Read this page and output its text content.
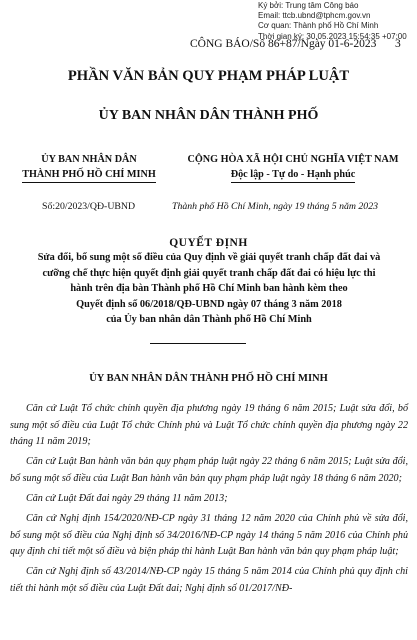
Ký bởi: Trung tâm Công báo
Email: ttcb.ubnd@tphcm.gov.vn
Cơ quan: Thành phố Hồ Chí Minh
Thời gian ký: 30.05.2023 15:54:35 +07:00
CÔNG BÁO/Số 86+87/Ngày 01-6-2023 3
PHẦN VĂN BẢN QUY PHẠM PHÁP LUẬT
ỦY BAN NHÂN DÂN THÀNH PHỐ
ỦY BAN NHÂN DÂN
THÀNH PHỐ HỒ CHÍ MINH
CỘNG HÒA XÃ HỘI CHỦ NGHĨA VIỆT NAM
Độc lập - Tự do - Hạnh phúc
Số:20/2023/QĐ-UBND	Thành phố Hồ Chí Minh, ngày 19 tháng 5 năm 2023
QUYẾT ĐỊNH
Sửa đổi, bổ sung một số điều của Quy định về giải quyết tranh chấp đất đai và
cưỡng chế thực hiện quyết định giải quyết tranh chấp đất đai có hiệu lực thi
hành trên địa bàn Thành phố Hồ Chí Minh ban hành kèm theo
Quyết định số 06/2018/QĐ-UBND ngày 07 tháng 3 năm 2018
của Ủy ban nhân dân Thành phố Hồ Chí Minh
ỦY BAN NHÂN DÂN THÀNH PHỐ HỒ CHÍ MINH

Căn cứ Luật Tổ chức chính quyền địa phương ngày 19 tháng 6 năm 2015; Luật sửa đổi, bổ sung một số điều của Luật Tổ chức Chính phủ và Luật Tổ chức chính quyền địa phương ngày 22 tháng 11 năm 2019;

Căn cứ Luật Ban hành văn bản quy phạm pháp luật ngày 22 tháng 6 năm 2015; Luật sửa đổi, bổ sung một số điều của Luật Ban hành văn bản quy phạm pháp luật ngày 18 tháng 6 năm 2020;

Căn cứ Luật Đất đai ngày 29 tháng 11 năm 2013;

Căn cứ Nghị định 154/2020/NĐ-CP ngày 31 tháng 12 năm 2020 của Chính phủ về sửa đổi, bổ sung một số điều của Nghị định số 34/2016/NĐ-CP ngày 14 tháng 5 năm 2016 của Chính phủ quy định chi tiết một số điều và biện pháp thi hành Luật Ban hành văn bản quy phạm pháp luật;

Căn cứ Nghị định số 43/2014/NĐ-CP ngày 15 tháng 5 năm 2014 của Chính phủ quy định chi tiết thi hành một số điều của Luật Đất đai; Nghị định số 01/2017/NĐ-
